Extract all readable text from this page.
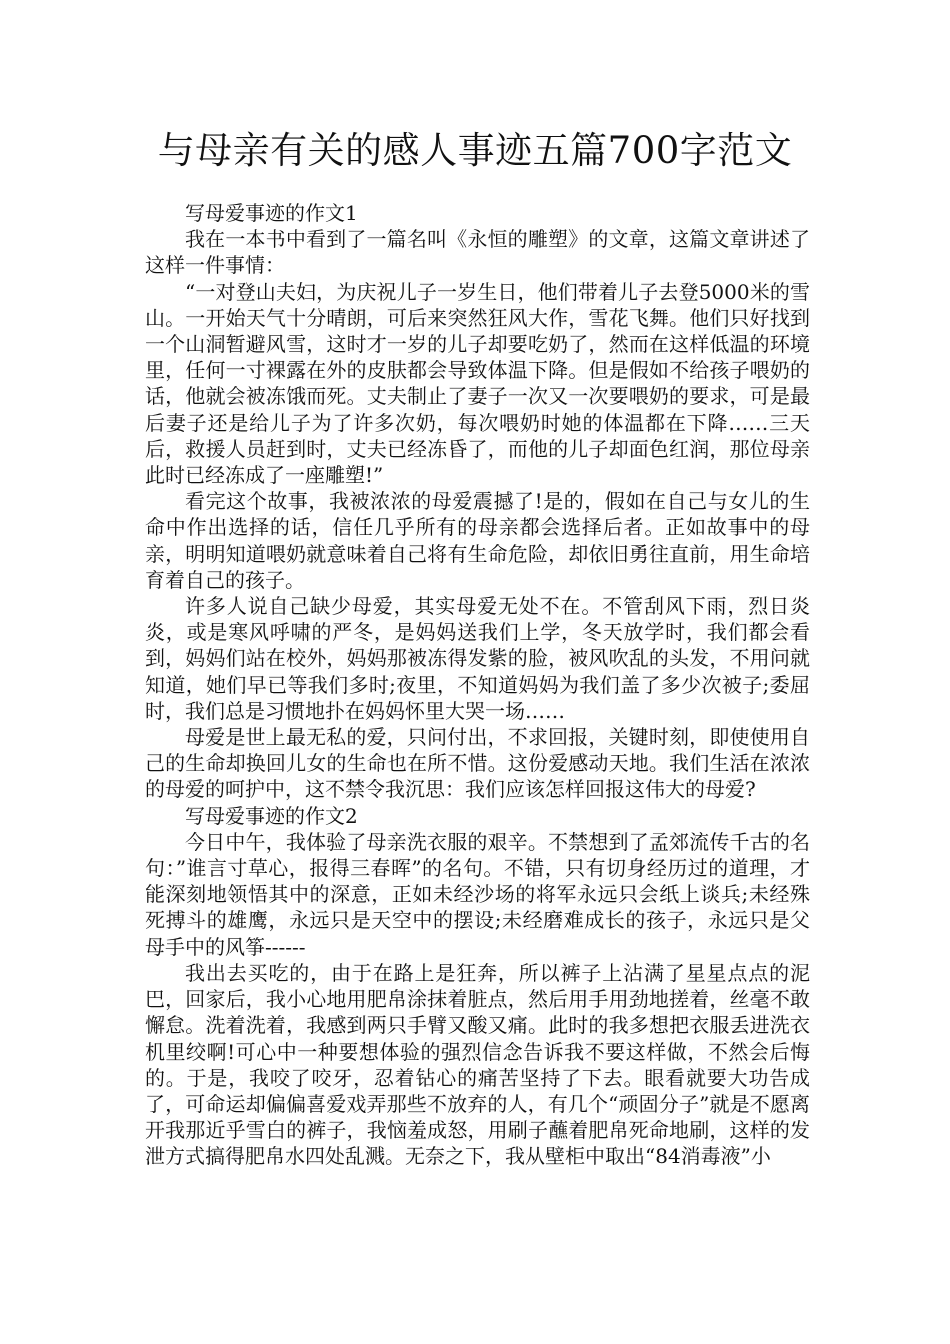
与母亲有关的感人事迹五篇700字范文

写母爱事迹的作文1

我在一本书中看到了一篇名叫《永恒的雕塑》的文章，这篇文章讲述了这样一件事情：

“一对登山夫妇，为庆祝儿子一岁生日，他们带着儿子去登5000米的雪山。一开始天气十分晴朗，可后来突然狂风大作，雪花飞舞。他们只好找到一个山洞暂避风雪，这时才一岁的儿子却要吃奶了，然而在这样低温的环境里，任何一寸裸露在外的皮肤都会导致体温下降。但是假如不给孩子喂奶的话，他就会被冻饿而死。丈夫制止了妻子一次又一次要喂奶的要求，可是最后妻子还是给儿子为了许多次奶，每次喂奶时她的体温都在下降……三天后，救援人员赶到时，丈夫已经冻昏了，而他的儿子却面色红润，那位母亲此时已经冻成了一座雕塑!”

看完这个故事，我被浓浓的母爱震撼了!是的，假如在自己与女儿的生命中作出选择的话，信任几乎所有的母亲都会选择后者。正如故事中的母亲，明明知道喂奶就意味着自己将有生命危险，却依旧勇往直前，用生命培育着自己的孩子。

许多人说自己缺少母爱，其实母爱无处不在。不管刮风下雨，烈日炎炎，或是寒风呼啸的严冬，是妈妈送我们上学，冬天放学时，我们都会看到，妈妈们站在校外，妈妈那被冻得发紫的脸，被风吹乱的头发，不用问就知道，她们早已等我们多时;夜里，不知道妈妈为我们盖了多少次被子;委屈时，我们总是习惯地扑在妈妈怀里大哭一场……

母爱是世上最无私的爱，只问付出，不求回报，关键时刻，即使使用自己的生命却换回儿女的生命也在所不惜。这份爱感动天地。我们生活在浓浓的母爱的呵护中，这不禁令我沉思：我们应该怎样回报这伟大的母爱?

写母爱事迹的作文2

今日中午，我体验了母亲洗衣服的艰辛。不禁想到了孟郊流传千古的名句：”谁言寸草心，报得三春晖”的名句。不错，只有切身经历过的道理，才能深刻地领悟其中的深意，正如未经沙场的将军永远只会纸上谈兵;未经殊死搏斗的雄鹰，永远只是天空中的摆设;未经磨难成长的孩子，永远只是父母手中的风筝------

我出去买吃的，由于在路上是狂奔，所以裤子上沾满了星星点点的泥巴，回家后，我小心地用肥帛涂抹着脏点，然后用手用劲地搓着，丝毫不敢懈怠。洗着洗着，我感到两只手臂又酸又痛。此时的我多想把衣服丢进洗衣机里绞啊!可心中一种要想体验的强烈信念告诉我不要这样做，不然会后悔的。于是，我咬了咬牙，忍着钻心的痛苦坚持了下去。眼看就要大功告成了，可命运却偏偏喜爱戏弄那些不放弃的人，有几个“顽固分子”就是不愿离开我那近乎雪白的裤子，我恼羞成怒，用刷子蘸着肥帛死命地刷，这样的发泄方式搞得肥帛水四处乱溅。无奈之下，我从壁柜中取出“84消毒液”小
